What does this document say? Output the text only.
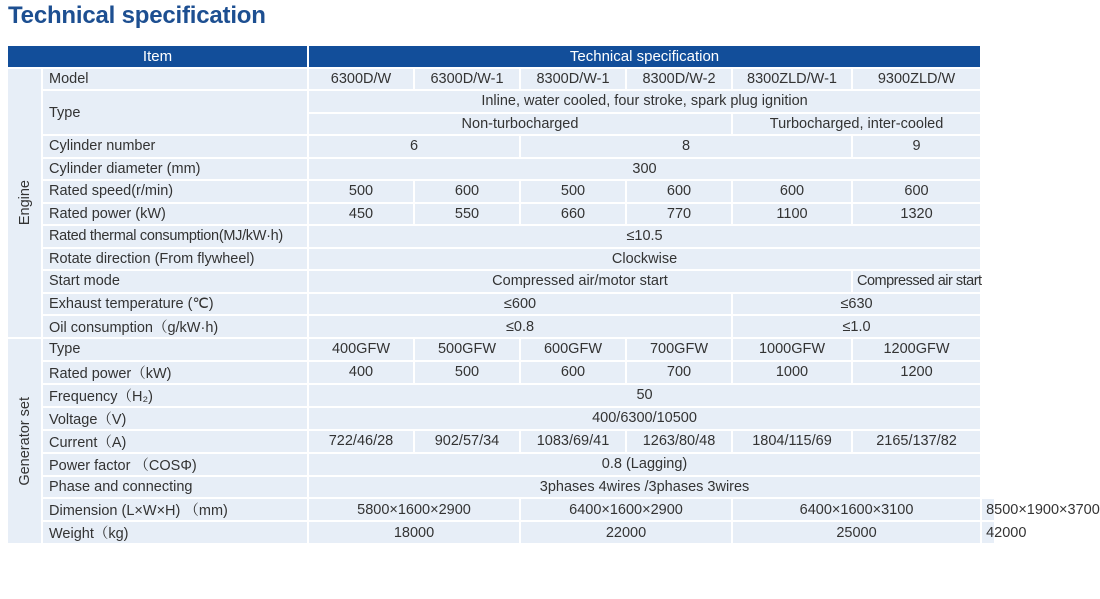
Technical specification
Item		Technical specification						

Engine	Model	6300D/W	6300D/W-1	8300D/W-1	8300D/W-2	8300ZLD/W-1	9300ZLD/W	
	Type	Inline, water cooled, four stroke, spark plug ignition						
		Non-turbocharged				Turbocharged, inter-cooled		
	Cylinder number	6		8			9	
	Cylinder diameter (mm)	300						
	Rated speed(r/min)	500	600	500	600	600	600	
	Rated power (kW)	450	550	660	770	1100	1320	
	Rated thermal consumption(MJ/kW·h)	≤10.5						
	Rotate direction (From flywheel)	Clockwise						
	Start mode	Compressed air/motor start					Compressed air start	
	Exhaust temperature (℃)	≤600				≤630		
	Oil consumption（g/kW·h)	≤0.8				≤1.0		

Generator set	Type	400GFW	500GFW	600GFW	700GFW	1000GFW	1200GFW	
	Rated power（kW)	400	500	600	700	1000	1200	
	Frequency（H₂)	50						
	Voltage（V)	400/6300/10500						
	Current（A)	722/46/28	902/57/34	1083/69/41	1263/80/48	1804/115/69	2165/137/82	
	Power factor （COSΦ)	0.8 (Lagging)						
	Phase and connecting	3phases 4wires /3phases 3wires						
	Dimension (L×W×H) （mm)	5800×1600×2900		6400×1600×2900		6400×1600×3100		8500×1900×3700
	Weight（kg)	18000		22000		25000		42000
